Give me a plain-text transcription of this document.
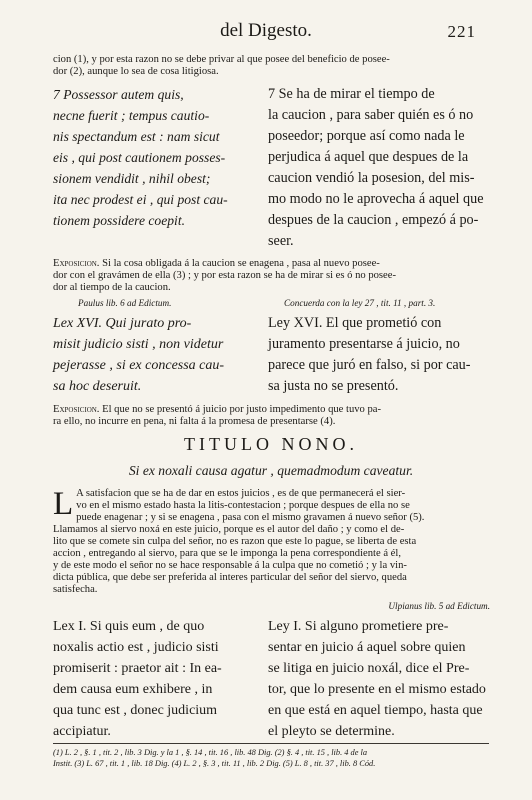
del Digesto.	221

cion (1), y por esta razon no se debe privar al que posee del beneficio de posee-

dor (2), aunque lo sea de cosa litigiosa.

7 Possessor autem quis,

necne fuerit ; tempus cautio-

nis spectandum est : nam sicut

eis , qui post cautionem posses-

sionem vendidit , nihil obest;

ita nec prodest ei , qui post cau-

tionem possidere coepit.

7 Se ha de mirar el tiempo de

la caucion , para saber quién es ó no

poseedor; porque así como nada le

perjudica á aquel que despues de la

caucion vendió la posesion, del mis-

mo modo no le aprovecha á aquel que

despues de la caucion , empezó á po-

seer.

Exposicion. Si la cosa obligada á la caucion se enagena , pasa al nuevo posee-

dor con el gravámen de ella (3) ; y por esta razon se ha de mirar si es ó no posee-

dor al tiempo de la caucion.

Paulus lib. 6 ad Edictum.	Concuerda con la ley 27 , tit. 11 , part. 3.

Lex XVI. Qui jurato pro-

misit judicio sisti , non videtur

pejerasse , si ex concessa cau-

sa hoc deseruit.

Ley XVI. El que prometió con

juramento presentarse á juicio, no

parece que juró en falso, si por cau-

sa justa no se presentó.

Exposicion. El que no se presentó á juicio por justo impedimento que tuvo pa-

ra ello, no incurre en pena, ni falta á la promesa de presentarse (4).

TITULO NONO.
Si ex noxali causa agatur , quemadmodum caveatur.
L A satisfacion que se ha de dar en estos juicios , es de que permanecerá el sier-

vo en el mismo estado hasta la litis-contestacion ; porque despues de ella no se

puede enagenar ; y si se enagena , pasa con el mismo gravamen á nuevo señor (5).

Llamamos al siervo noxá en este juicio, porque es el autor del daño ; y como el de-

lito que se comete sin culpa del señor, no es razon que este lo pague, se liberta de esta

accion , entregando al siervo, para que se le imponga la pena correspondiente á él,

y de este modo el señor no se hace responsable á la culpa que no cometió ; y la vin-

dicta pública, que debe ser preferida al interes particular del señor del siervo, queda

satisfecha.

Ulpianus lib. 5 ad Edictum.

Lex I. Si quis eum , de quo

noxalis actio est , judicio sisti

promiserit : praetor ait : In ea-

dem causa eum exhibere , in

qua tunc est , donec judicium

accipiatur.

Ley I. Si alguno prometiere pre-

sentar en juicio á aquel sobre quien

se litiga en juicio noxál, dice el Pre-

tor, que lo presente en el mismo estado

en que está en aquel tiempo, hasta que

el pleyto se determine.

(1) L. 2 , §. 1 , tit. 2 , lib. 3 Dig. y la 1 , §. 14 , tit. 16 , lib. 48 Dig. (2) §. 4 , tit. 15 , lib. 4 de la

Instit. (3) L. 67 , tit. 1 , lib. 18 Dig. (4) L. 2 , §. 3 , tit. 11 , lib. 2 Dig. (5) L. 8 , tit. 37 , lib. 8 Cód.
